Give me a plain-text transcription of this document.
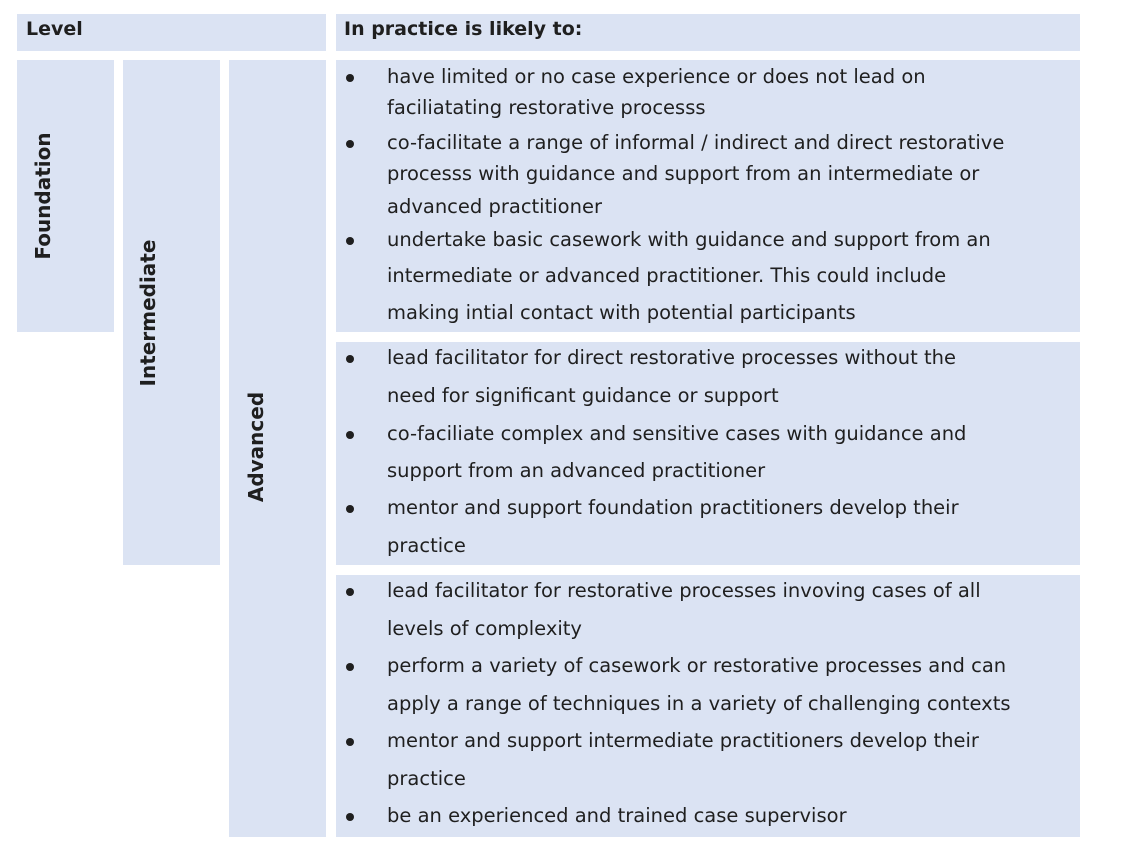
Level	In practice is likely to:
Foundation
Intermediate
Advanced
have limited or no case experience or does not lead on
faciliatating restorative processs
co-facilitate a range of informal / indirect and direct restorative
processs with guidance and support from an intermediate or
advanced practitioner
undertake basic casework with guidance and support from an
intermediate or advanced practitioner. This could include
making intial contact with potential participants
lead facilitator for direct restorative processes without the
need for significant guidance or support
co-faciliate complex and sensitive cases with guidance and
support from an advanced practitioner
mentor and support foundation practitioners develop their
practice
lead facilitator for restorative processes invoving cases of all
levels of complexity
perform a variety of casework or restorative processes and can
apply a range of techniques in a variety of challenging contexts
mentor and support intermediate practitioners develop their
practice
be an experienced and trained case supervisor
